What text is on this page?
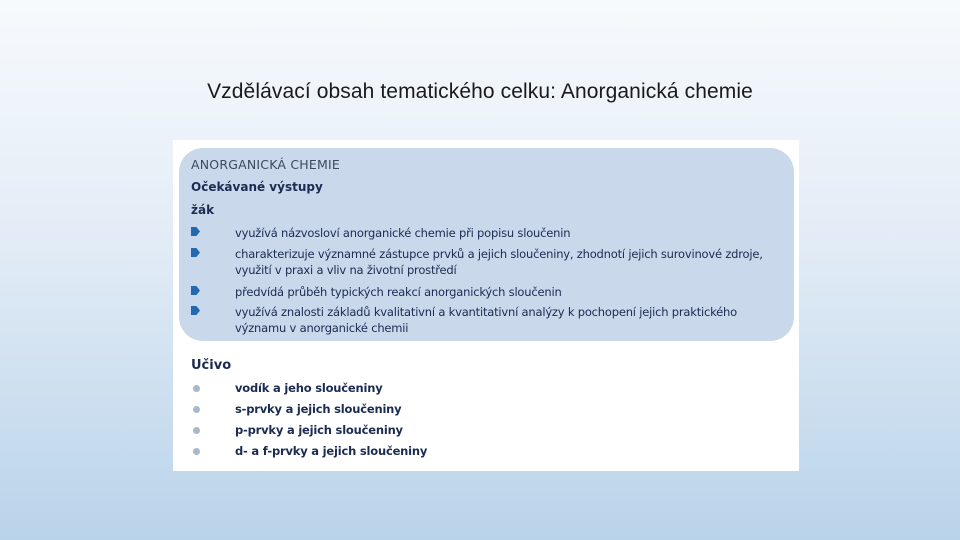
Vzdělávací obsah tematického celku: Anorganická chemie
ANORGANICKÁ CHEMIE
Očekávané výstupy
žák
využívá názvosloví anorganické chemie při popisu sloučenin
charakterizuje významné zástupce prvků a jejich sloučeniny, zhodnotí jejich surovinové zdroje, využití v praxi a vliv na životní prostředí
předvídá průběh typických reakcí anorganických sloučenin
využívá znalosti základů kvalitativní a kvantitativní analýzy k pochopení jejich praktického významu v anorganické chemii
Učivo
vodík a jeho sloučeniny
s-prvky a jejich sloučeniny
p-prvky a jejich sloučeniny
d- a f-prvky a jejich sloučeniny
